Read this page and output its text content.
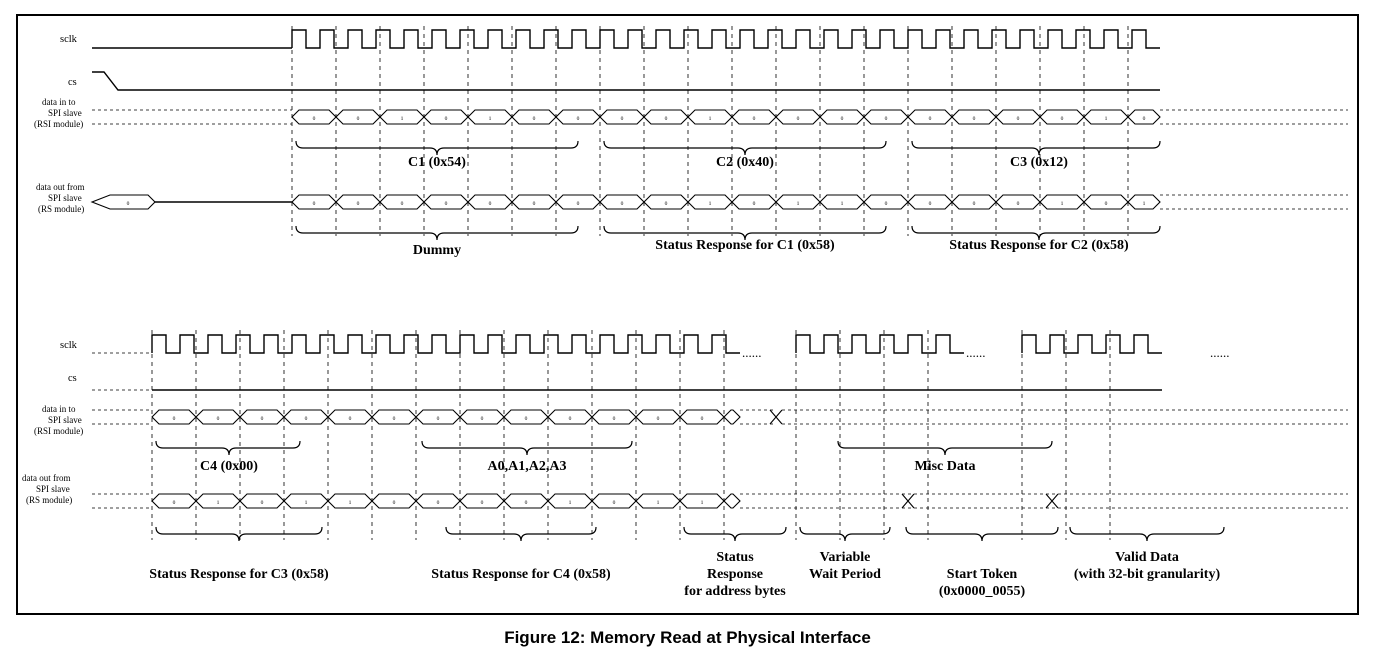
sclk
cs
data in to
SPI slave
(RSI module)
data out from
SPI slave
(RS module)
0	0	1	0	1	0	0	0	0	1	0	0	0	0	0	0	0	0	1	0
C1 (0x54)	C2 (0x40)	C3 (0x12)
0	0	0	0	0	0	0	0	0	0	1	0	1	1	0	0	0	0	1	0	1
Dummy	Status Response for C1 (0x58)	Status Response for C2 (0x58)
sclk
cs
data in to
SPI slave
(RSI module)
data out from
SPI slave
(RS module)
......	......	......
0	0	0	0	0	0	0	0	0	0	0	0	0
C4 (0x00)	A0,A1,A2,A3	Misc Data
0	1	0	1	1	0	0	0	0	1	0	1	1
Status Response for C3 (0x58)	Status Response for C4 (0x58)
Status
Response
for address bytes
Variable
Wait Period	Start Token
(0x0000_0055)
Valid Data
(with 32-bit granularity)
Figure 12: Memory Read at Physical Interface
